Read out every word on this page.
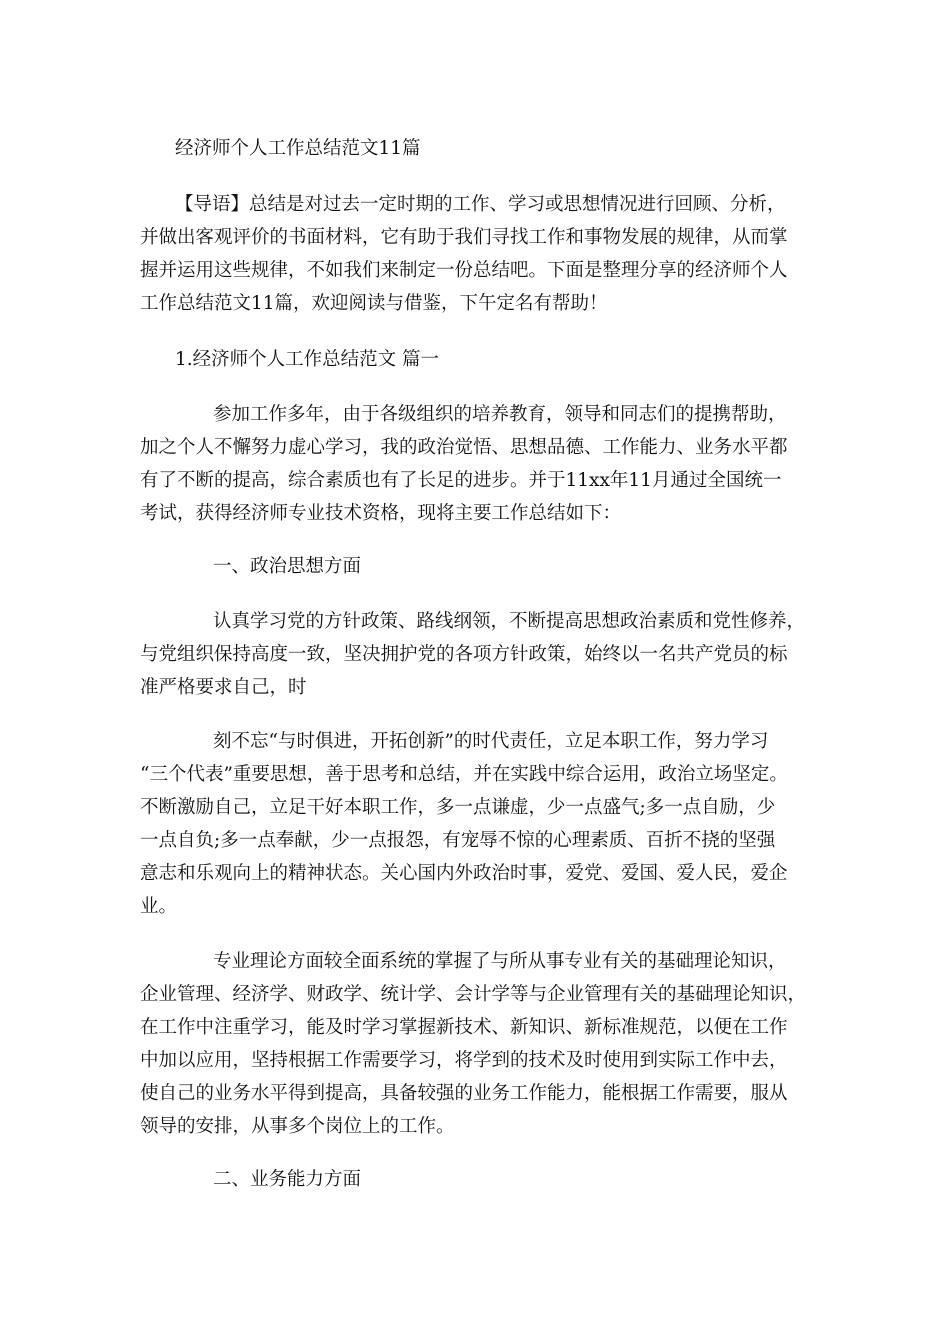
经济师个人工作总结范文11篇
【导语】总结是对过去一定时期的工作、学习或思想情况进行回顾、分析，
并做出客观评价的书面材料，它有助于我们寻找工作和事物发展的规律，从而掌
握并运用这些规律，不如我们来制定一份总结吧。下面是整理分享的经济师个人
工作总结范文11篇，欢迎阅读与借鉴，下午定名有帮助！
1.经济师个人工作总结范文 篇一
参加工作多年，由于各级组织的培养教育，领导和同志们的提携帮助，
加之个人不懈努力虚心学习，我的政治觉悟、思想品德、工作能力、业务水平都
有了不断的提高，综合素质也有了长足的进步。并于11xx年11月通过全国统一
考试，获得经济师专业技术资格，现将主要工作总结如下：
一、政治思想方面
认真学习党的方针政策、路线纲领，不断提高思想政治素质和党性修养，
与党组织保持高度一致，坚决拥护党的各项方针政策，始终以一名共产党员的标
准严格要求自己，时
刻不忘“与时俱进，开拓创新”的时代责任，立足本职工作，努力学习
“三个代表”重要思想，善于思考和总结，并在实践中综合运用，政治立场坚定。
不断激励自己，立足干好本职工作，多一点谦虚，少一点盛气;多一点自励，少
一点自负;多一点奉献，少一点报怨，有宠辱不惊的心理素质、百折不挠的坚强
意志和乐观向上的精神状态。关心国内外政治时事，爱党、爱国、爱人民，爱企
业。
专业理论方面较全面系统的掌握了与所从事专业有关的基础理论知识，
企业管理、经济学、财政学、统计学、会计学等与企业管理有关的基础理论知识，
在工作中注重学习，能及时学习掌握新技术、新知识、新标准规范，以便在工作
中加以应用，坚持根据工作需要学习，将学到的技术及时使用到实际工作中去，
使自己的业务水平得到提高，具备较强的业务工作能力，能根据工作需要，服从
领导的安排，从事多个岗位上的工作。
二、业务能力方面
